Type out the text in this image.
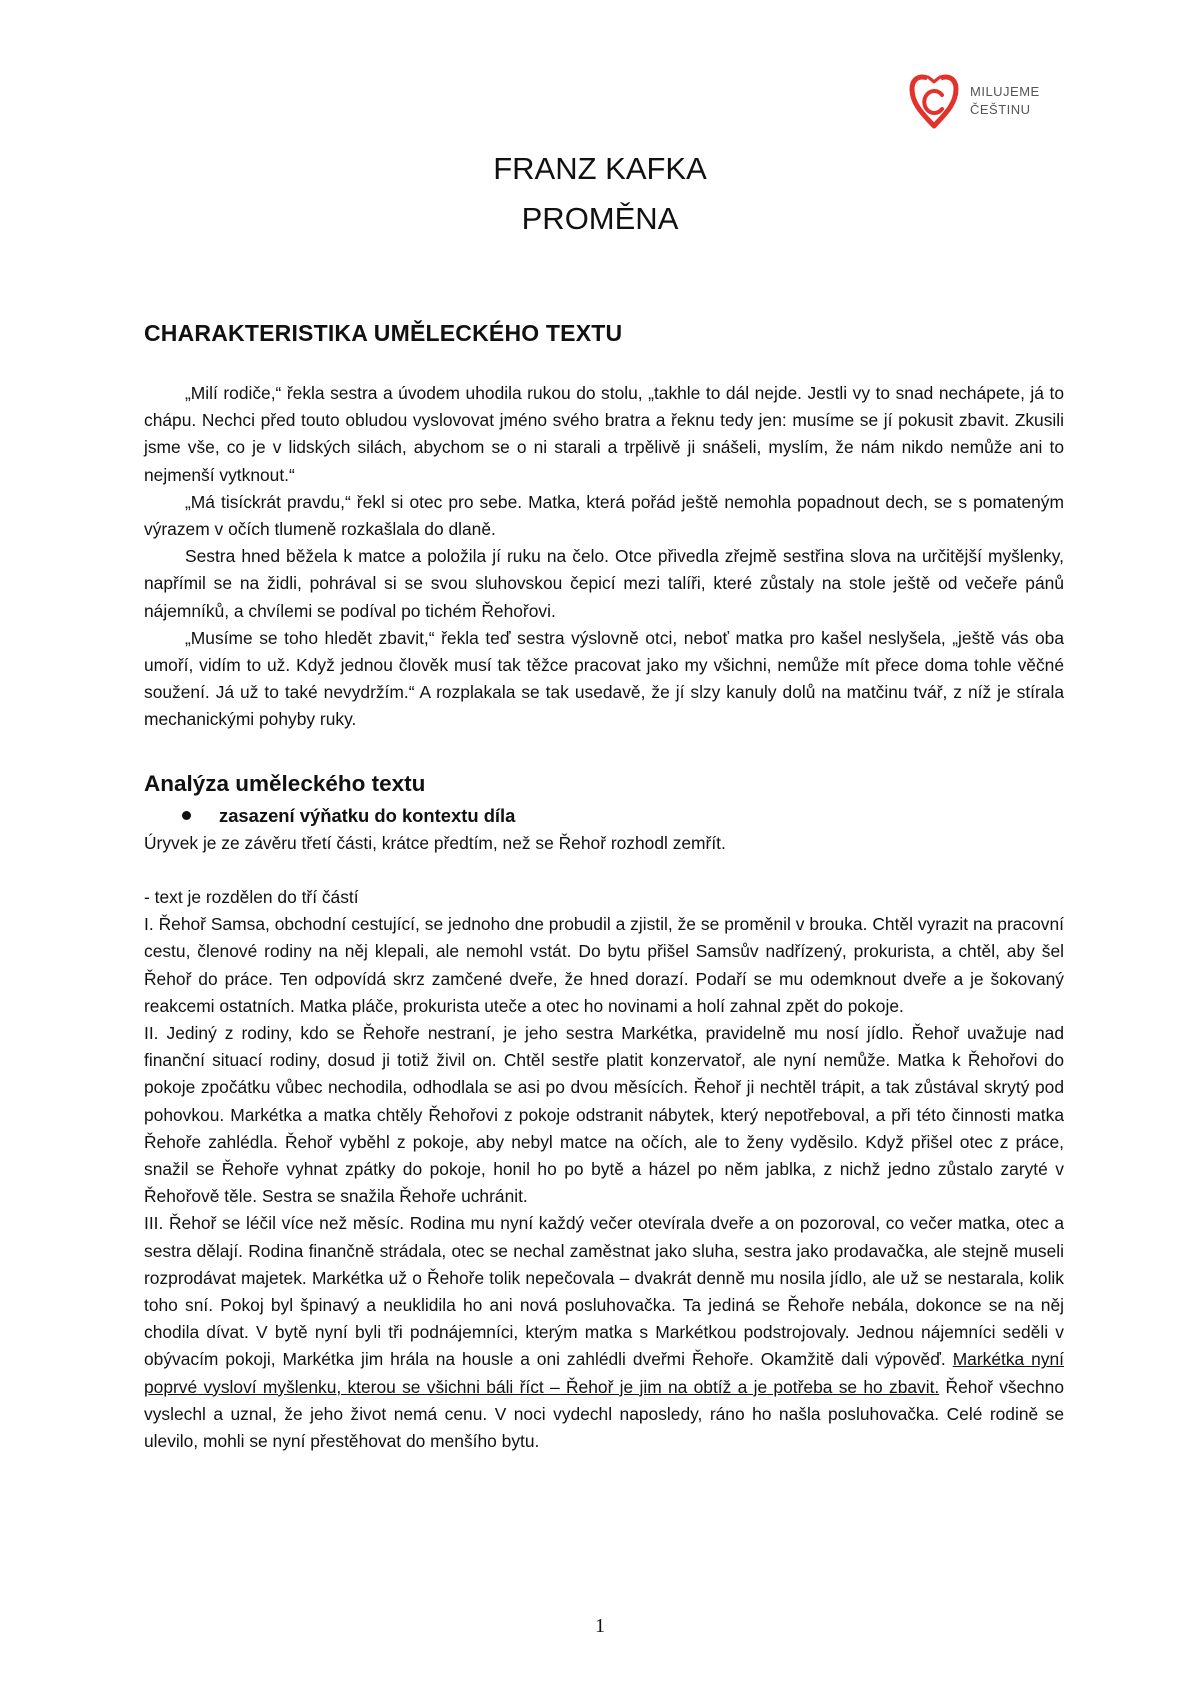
MILUJEME
ČEŠTINU
FRANZ KAFKA
PROMĚNA
CHARAKTERISTIKA UMĚLECKÉHO TEXTU

„Milí rodiče,“ řekla sestra a úvodem uhodila rukou do stolu, „takhle to dál nejde. Jestli vy to snad nechápete, já to chápu. Nechci před touto obludou vyslovovat jméno svého bratra a řeknu tedy jen: musíme se jí pokusit zbavit. Zkusili jsme vše, co je v lidských silách, abychom se o ni starali a trpělivě ji snášeli, myslím, že nám nikdo nemůže ani to nejmenší vytknout.“

„Má tisíckrát pravdu,“ řekl si otec pro sebe. Matka, která pořád ještě nemohla popadnout dech, se s pomateným výrazem v očích tlumeně rozkašlala do dlaně.

Sestra hned běžela k matce a položila jí ruku na čelo. Otce přivedla zřejmě sestřina slova na určitější myšlenky, napřímil se na židli, pohrával si se svou sluhovskou čepicí mezi talíři, které zůstaly na stole ještě od večeře pánů nájemníků, a chvílemi se podíval po tichém Řehořovi.

„Musíme se toho hledět zbavit,“ řekla teď sestra výslovně otci, neboť matka pro kašel neslyšela, „ještě vás oba umoří, vidím to už. Když jednou člověk musí tak těžce pracovat jako my všichni, nemůže mít přece doma tohle věčné soužení. Já už to také nevydržím.“ A rozplakala se tak usedavě, že jí slzy kanuly dolů na matčinu tvář, z níž je stírala mechanickými pohyby ruky.

Analýza uměleckého textu
zasazení výňatku do kontextu díla

Úryvek je ze závěru třetí části, krátce předtím, než se Řehoř rozhodl zemřít.

- text je rozdělen do tří částí

I. Řehoř Samsa, obchodní cestující, se jednoho dne probudil a zjistil, že se proměnil v brouka. Chtěl vyrazit na pracovní cestu, členové rodiny na něj klepali, ale nemohl vstát. Do bytu přišel Samsův nadřízený, prokurista, a chtěl, aby šel Řehoř do práce. Ten odpovídá skrz zamčené dveře, že hned dorazí. Podaří se mu odemknout dveře a je šokovaný reakcemi ostatních. Matka pláče, prokurista uteče a otec ho novinami a holí zahnal zpět do pokoje.

II. Jediný z rodiny, kdo se Řehoře nestraní, je jeho sestra Markétka, pravidelně mu nosí jídlo. Řehoř uvažuje nad finanční situací rodiny, dosud ji totiž živil on. Chtěl sestře platit konzervatoř, ale nyní nemůže. Matka k Řehořovi do pokoje zpočátku vůbec nechodila, odhodlala se asi po dvou měsících. Řehoř ji nechtěl trápit, a tak zůstával skrytý pod pohovkou. Markétka a matka chtěly Řehořovi z pokoje odstranit nábytek, který nepotřeboval, a při této činnosti matka Řehoře zahlédla. Řehoř vyběhl z pokoje, aby nebyl matce na očích, ale to ženy vyděsilo. Když přišel otec z práce, snažil se Řehoře vyhnat zpátky do pokoje, honil ho po bytě a házel po něm jablka, z nichž jedno zůstalo zaryté v Řehořově těle. Sestra se snažila Řehoře uchránit.

III. Řehoř se léčil více než měsíc. Rodina mu nyní každý večer otevírala dveře a on pozoroval, co večer matka, otec a sestra dělají. Rodina finančně strádala, otec se nechal zaměstnat jako sluha, sestra jako prodavačka, ale stejně museli rozprodávat majetek. Markétka už o Řehoře tolik nepečovala – dvakrát denně mu nosila jídlo, ale už se nestarala, kolik toho sní. Pokoj byl špinavý a neuklidila ho ani nová posluhovačka. Ta jediná se Řehoře nebála, dokonce se na něj chodila dívat. V bytě nyní byli tři podnájemníci, kterým matka s Markétkou podstrojovaly. Jednou nájemníci seděli v obývacím pokoji, Markétka jim hrála na housle a oni zahlédli dveřmi Řehoře. Okamžitě dali výpověď. Markétka nyní poprvé vysloví myšlenku, kterou se všichni báli říct – Řehoř je jim na obtíž a je potřeba se ho zbavit. Řehoř všechno vyslechl a uznal, že jeho život nemá cenu. V noci vydechl naposledy, ráno ho našla posluhovačka. Celé rodině se ulevilo, mohli se nyní přestěhovat do menšího bytu.

1
